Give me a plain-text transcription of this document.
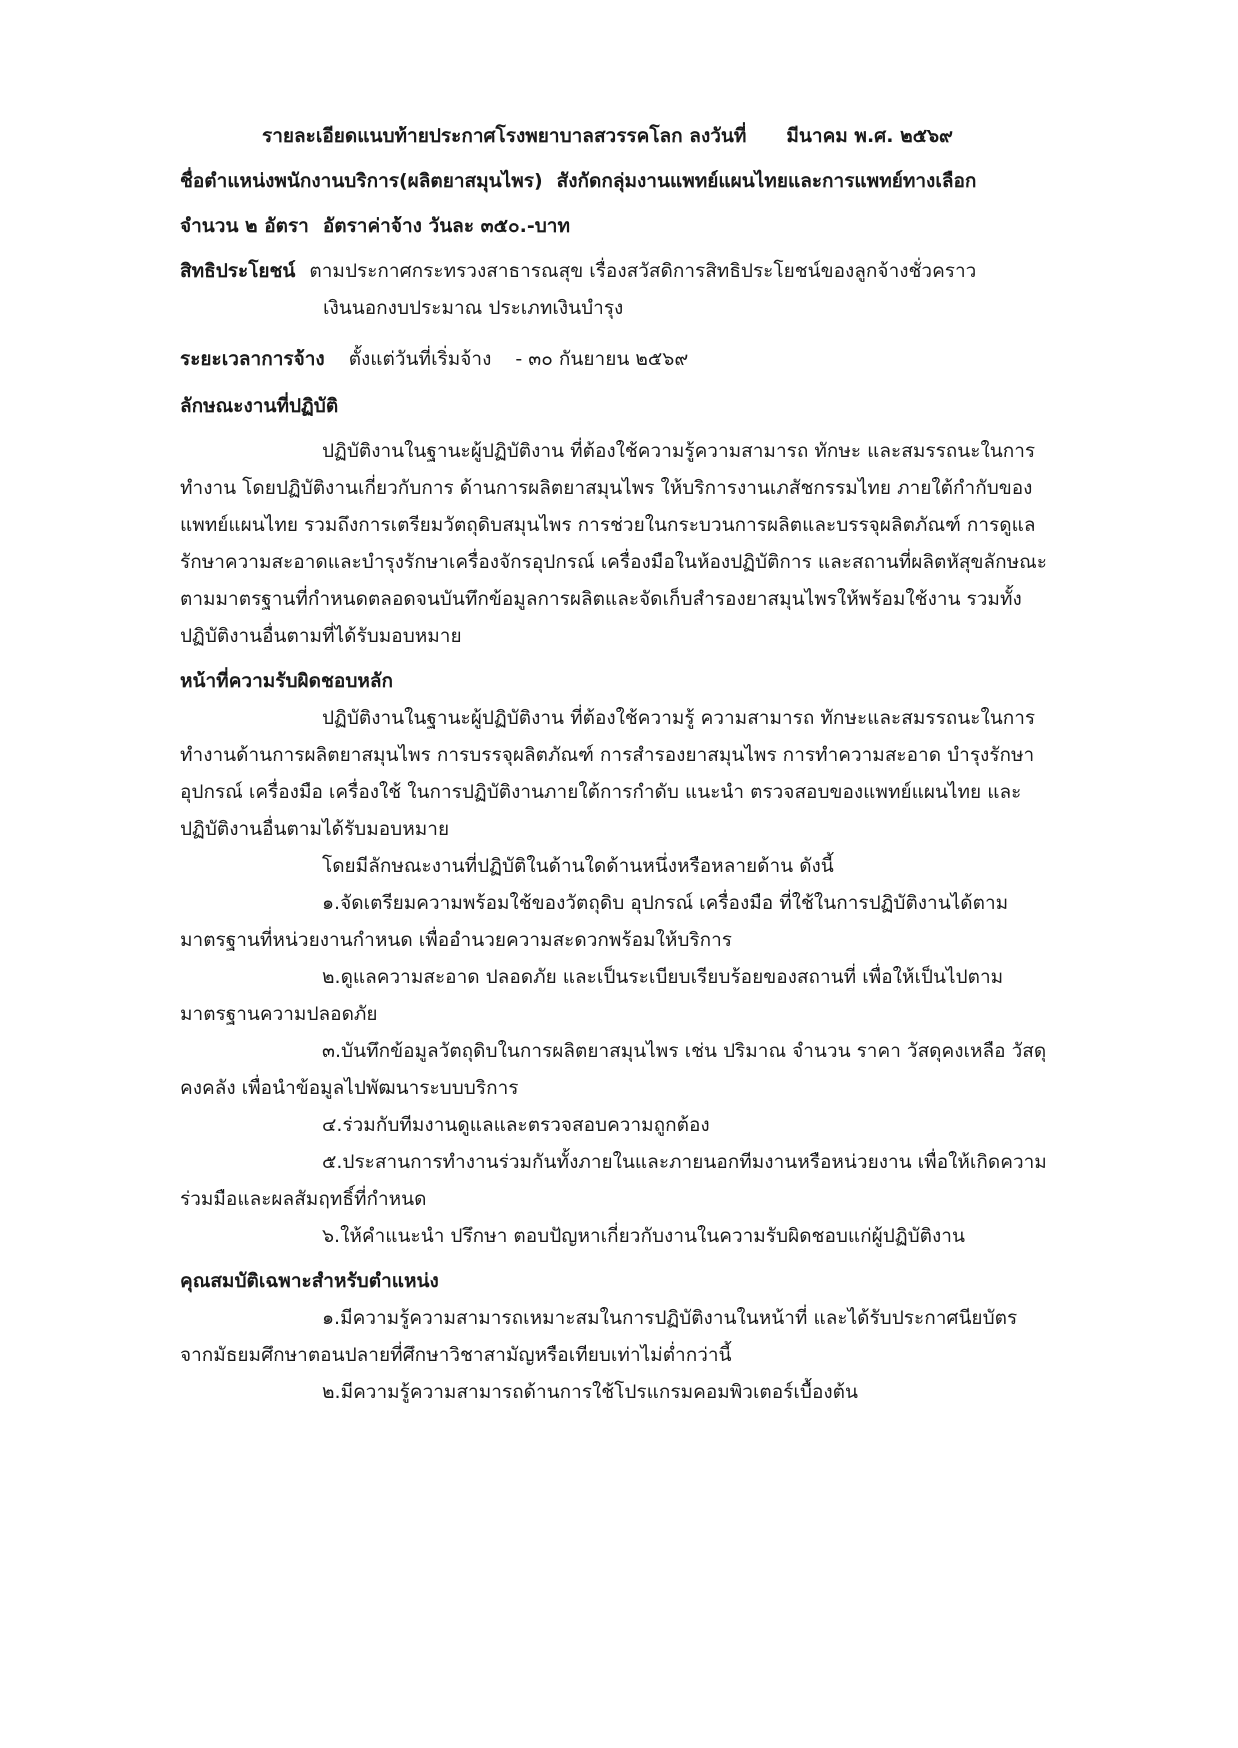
รายละเอียดแนบท้ายประกาศโรงพยาบาลสวรรคโลก ลงวันที่ มีนาคม พ.ศ. ๒๕๖๙
ชื่อตำแหน่งพนักงานบริการ(ผลิตยาสมุนไพร) สังกัดกลุ่มงานแพทย์แผนไทยและการแพทย์ทางเลือก
จำนวน ๒ อัตรา อัตราค่าจ้าง วันละ ๓๕๐.-บาท
สิทธิประโยชน์ ตามประกาศกระทรวงสาธารณสุข เรื่องสวัสดิการสิทธิประโยชน์ของลูกจ้างชั่วคราว
เงินนอกงบประมาณ ประเภทเงินบำรุง
ระยะเวลาการจ้าง ตั้งแต่วันที่เริ่มจ้าง - ๓๐ กันยายน ๒๕๖๙
ลักษณะงานที่ปฏิบัติ
ปฏิบัติงานในฐานะผู้ปฏิบัติงาน ที่ต้องใช้ความรู้ความสามารถ ทักษะ และสมรรถนะในการ
ทำงาน โดยปฏิบัติงานเกี่ยวกับการ ด้านการผลิตยาสมุนไพร ให้บริการงานเภสัชกรรมไทย ภายใต้กำกับของ
แพทย์แผนไทย รวมถึงการเตรียมวัตถุดิบสมุนไพร การช่วยในกระบวนการผลิตและบรรจุผลิตภัณฑ์ การดูแล
รักษาความสะอาดและบำรุงรักษาเครื่องจักรอุปกรณ์ เครื่องมือในห้องปฏิบัติการ และสถานที่ผลิตหัสุขลักษณะ
ตามมาตรฐานที่กำหนดตลอดจนบันทึกข้อมูลการผลิตและจัดเก็บสำรองยาสมุนไพรให้พร้อมใช้งาน รวมทั้ง
ปฏิบัติงานอื่นตามที่ได้รับมอบหมาย
หน้าที่ความรับผิดชอบหลัก
ปฏิบัติงานในฐานะผู้ปฏิบัติงาน ที่ต้องใช้ความรู้ ความสามารถ ทักษะและสมรรถนะในการ
ทำงานด้านการผลิตยาสมุนไพร การบรรจุผลิตภัณฑ์ การสำรองยาสมุนไพร การทำความสะอาด บำรุงรักษา
อุปกรณ์ เครื่องมือ เครื่องใช้ ในการปฏิบัติงานภายใต้การกำดับ แนะนำ ตรวจสอบของแพทย์แผนไทย และ
ปฏิบัติงานอื่นตามได้รับมอบหมาย
โดยมีลักษณะงานที่ปฏิบัติในด้านใดด้านหนึ่งหรือหลายด้าน ดังนี้
๑.จัดเตรียมความพร้อมใช้ของวัตถุดิบ อุปกรณ์ เครื่องมือ ที่ใช้ในการปฏิบัติงานได้ตาม
มาตรฐานที่หน่วยงานกำหนด เพื่ออำนวยความสะดวกพร้อมให้บริการ
๒.ดูแลความสะอาด ปลอดภัย และเป็นระเบียบเรียบร้อยของสถานที่ เพื่อให้เป็นไปตาม
มาตรฐานความปลอดภัย
๓.บันทึกข้อมูลวัตถุดิบในการผลิตยาสมุนไพร เช่น ปริมาณ จำนวน ราคา วัสดุคงเหลือ วัสดุ
คงคลัง เพื่อนำข้อมูลไปพัฒนาระบบบริการ
๔.ร่วมกับทีมงานดูแลและตรวจสอบความถูกต้อง
๕.ประสานการทำงานร่วมกันทั้งภายในและภายนอกทีมงานหรือหน่วยงาน เพื่อให้เกิดความ
ร่วมมือและผลสัมฤทธิ์ที่กำหนด
๖.ให้คำแนะนำ ปรึกษา ตอบปัญหาเกี่ยวกับงานในความรับผิดชอบแก่ผู้ปฏิบัติงาน
คุณสมบัติเฉพาะสำหรับตำแหน่ง
๑.มีความรู้ความสามารถเหมาะสมในการปฏิบัติงานในหน้าที่ และได้รับประกาศนียบัตร
จากมัธยมศึกษาตอนปลายที่ศึกษาวิชาสามัญหรือเทียบเท่าไม่ต่ำกว่านี้
๒.มีความรู้ความสามารถด้านการใช้โปรแกรมคอมพิวเตอร์เบื้องต้น
